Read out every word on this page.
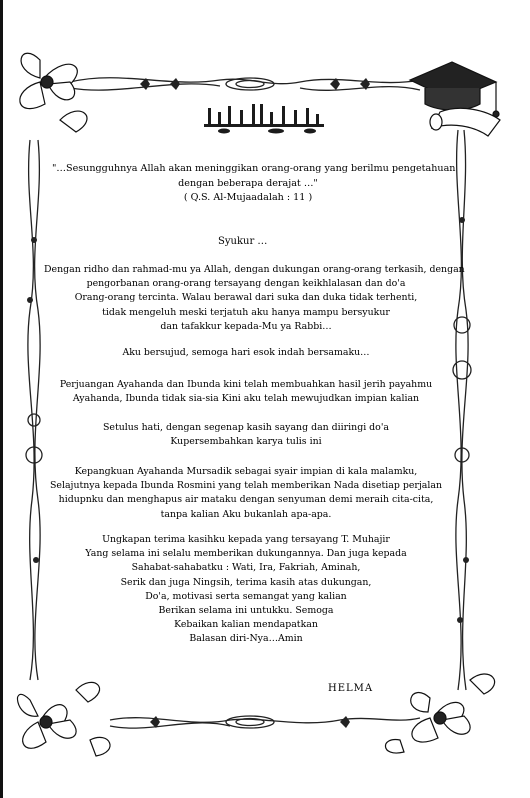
"…Sesungguhnya Allah akan meninggikan orang-orang yang berilmu pengetahuan

dengan beberapa derajat …"

( Q.S. Al-Mujaadalah : 11 )

Syukur …

Dengan ridho dan rahmad-mu ya Allah, dengan dukungan orang-orang terkasih, dengan

pengorbanan orang-orang tersayang dengan keikhlalasan dan do'a

Orang-orang tercinta. Walau berawal dari suka dan duka tidak terhenti,

tidak mengeluh meski terjatuh aku hanya mampu bersyukur

dan tafakkur kepada-Mu ya Rabbi…

Aku bersujud, semoga hari esok indah bersamaku…

Perjuangan Ayahanda dan Ibunda kini telah membuahkan hasil jerih payahmu

Ayahanda, Ibunda tidak sia-sia Kini aku telah mewujudkan impian kalian

Setulus hati, dengan segenap kasih sayang dan diiringi do'a

Kupersembahkan karya tulis ini

Kepangkuan Ayahanda Mursadik sebagai syair impian di kala malamku,

Selajutnya kepada Ibunda Rosmini yang telah memberikan Nada disetiap perjalan

hidupnku dan menghapus air mataku dengan senyuman demi meraih cita-cita,

tanpa kalian Aku bukanlah apa-apa.

Ungkapan terima kasihku kepada yang tersayang T. Muhajir

Yang selama ini selalu memberikan dukungannya. Dan juga kepada

Sahabat-sahabatku : Wati, Ira, Fakriah, Aminah,

Serik dan juga Ningsih, terima kasih atas dukungan,

Do'a, motivasi serta semangat yang kalian

Berikan selama ini untukku. Semoga

Kebaikan kalian mendapatkan

Balasan diri-Nya…Amin

HELMA
